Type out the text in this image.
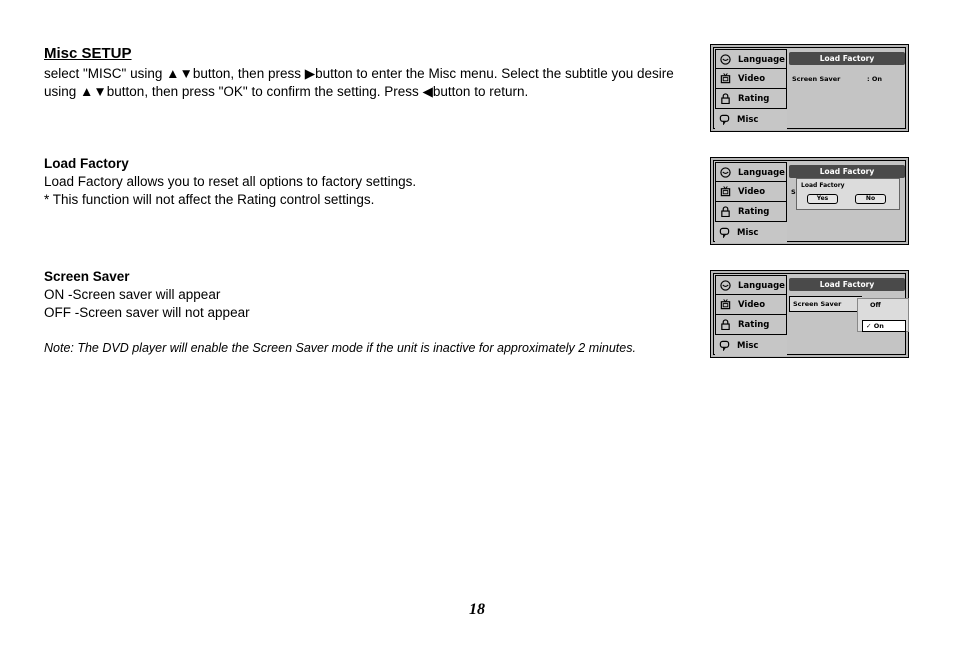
Misc SETUP
select "MISC" using ▲▼button, then press ▶button to enter the Misc menu. Select the subtitle you desire using ▲▼button, then press "OK" to confirm the setting. Press ◀button to return.
Load Factory
Load Factory allows you to reset all options to factory settings.
* This function will not affect the Rating control settings.
Screen Saver
ON -Screen saver will appear
OFF -Screen saver will not appear
Note: The DVD player will enable the Screen Saver mode if the unit is inactive for approximately 2 minutes.
Language
Video
Rating
Misc
Load Factory
Screen Saver	: On
Language
Video
Rating
Misc
Load Factory
S
Load Factory
Yes	No
Language
Video
Rating
Misc
Load Factory
Screen Saver	Off
✓ On
18
